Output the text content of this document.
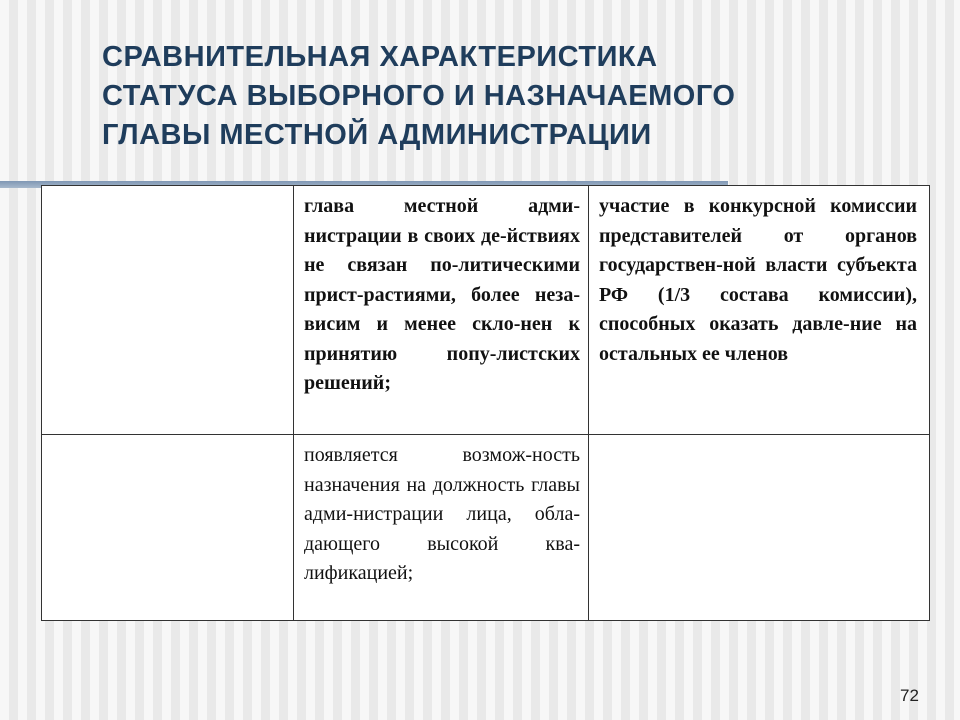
СРАВНИТЕЛЬНАЯ ХАРАКТЕРИСТИКА
СТАТУСА ВЫБОРНОГО И НАЗНАЧАЕМОГО
ГЛАВЫ МЕСТНОЙ АДМИНИСТРАЦИИ

	глава местной адми-нистрации в своих де-йствиях не связан по-литическими прист-растиями, более неза-висим и менее скло-нен к принятию попу-листских решений;	участие в конкурсной комиссии представителей от органов государствен-ной власти субъекта РФ (1/3 состава комиссии), способных оказать давле-ние на остальных ее членов

	появляется возмож-ность назначения на должность главы адми-нистрации лица, обла-дающего высокой ква-лификацией;	

72
